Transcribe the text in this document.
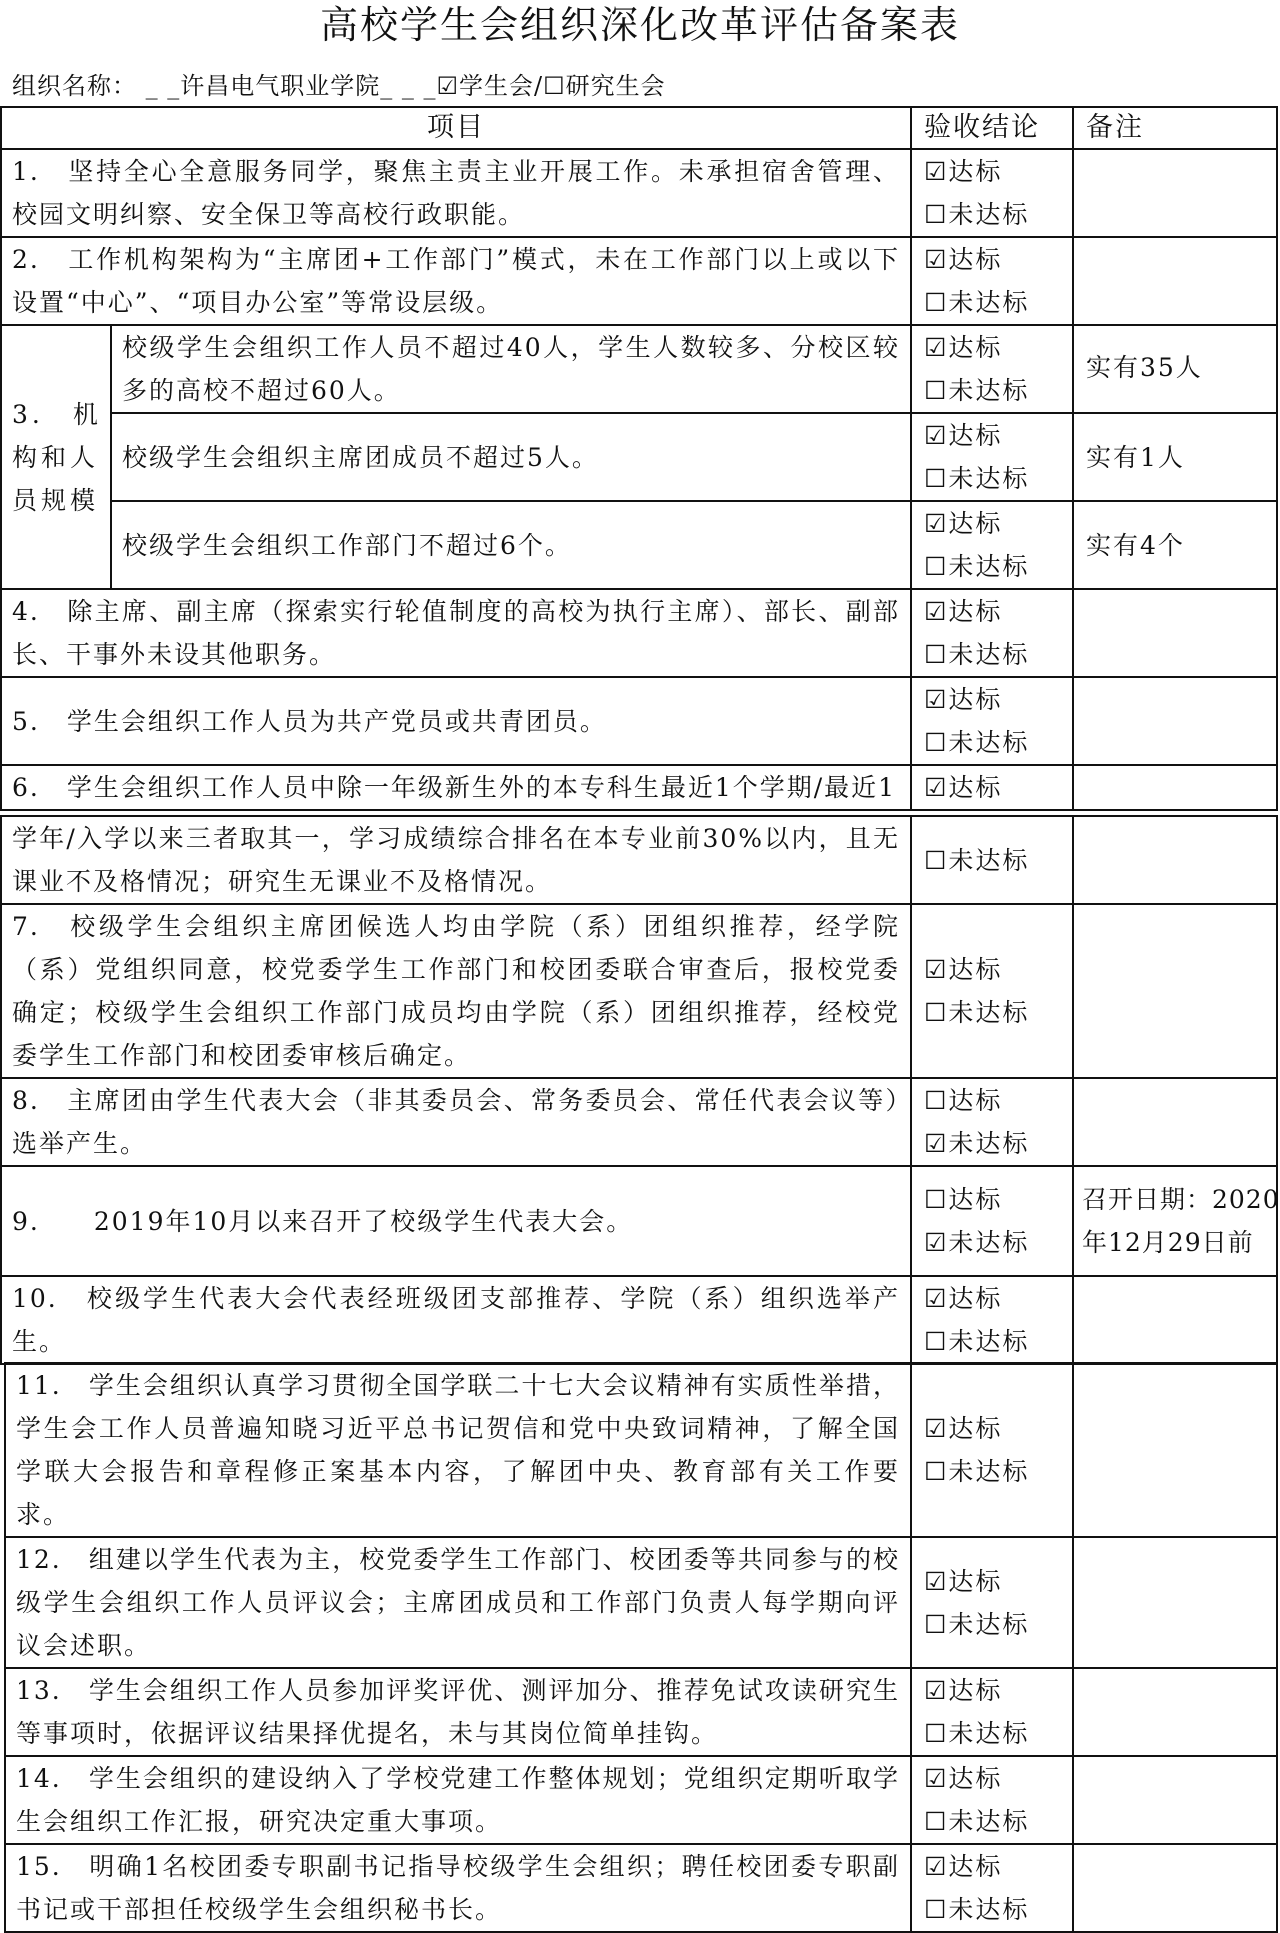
高校学生会组织深化改革评估备案表
组织名称： _ _许昌电气职业学院_ _ _☑学生会/☐研究生会
项目		验收结论	备注
1.　坚持全心全意服务同学，聚焦主责主业开展工作。未承担宿舍管理、校园文明纠察、安全保卫等高校行政职能。		☑达标
☐未达标	

2.　工作机构架构为“主席团+工作部门”模式，未在工作部门以上或以下设置“中心”、“项目办公室”等常设层级。		☑达标
☐未达标	

3.　机构和人员规模	校级学生会组织工作人员不超过40人，学生人数较多、分校区较多的高校不超过60人。	☑达标
☐未达标	实有35人
	校级学生会组织主席团成员不超过5人。	☑达标
☐未达标	实有1人
	校级学生会组织工作部门不超过6个。	☑达标
☐未达标	实有4个
4.　除主席、副主席（探索实行轮值制度的高校为执行主席）、部长、副部长、干事外未设其他职务。		☑达标
☐未达标	

5.　学生会组织工作人员为共产党员或共青团员。		☑达标
☐未达标	

6.　学生会组织工作人员中除一年级新生外的本专科生最近1个学期/最近1		☑达标	

学年/入学以来三者取其一，学习成绩综合排名在本专业前30%以内，且无课业不及格情况；研究生无课业不及格情况。	☐未达标	

7.　校级学生会组织主席团候选人均由学院（系）团组织推荐，经学院（系）党组织同意，校党委学生工作部门和校团委联合审查后，报校党委确定；校级学生会组织工作部门成员均由学院（系）团组织推荐，经校党委学生工作部门和校团委审核后确定。	☑达标
☐未达标	

8.　主席团由学生代表大会（非其委员会、常务委员会、常任代表会议等）选举产生。	☐达标
☑未达标	

9.　　2019年10月以来召开了校级学生代表大会。	☐达标
☑未达标	召开日期：2020
年12月29日前

10.　校级学生代表大会代表经班级团支部推荐、学院（系）组织选举产生。	☑达标
☐未达标	

11.　学生会组织认真学习贯彻全国学联二十七大会议精神有实质性举措，学生会工作人员普遍知晓习近平总书记贺信和党中央致词精神，了解全国学联大会报告和章程修正案基本内容，了解团中央、教育部有关工作要求。	☑达标
☐未达标	

12.　组建以学生代表为主，校党委学生工作部门、校团委等共同参与的校级学生会组织工作人员评议会；主席团成员和工作部门负责人每学期向评议会述职。	☑达标
☐未达标	

13.　学生会组织工作人员参加评奖评优、测评加分、推荐免试攻读研究生等事项时，依据评议结果择优提名，未与其岗位简单挂钩。	☑达标
☐未达标	

14.　学生会组织的建设纳入了学校党建工作整体规划；党组织定期听取学生会组织工作汇报，研究决定重大事项。	☑达标
☐未达标	

15.　明确1名校团委专职副书记指导校级学生会组织；聘任校团委专职副书记或干部担任校级学生会组织秘书长。	☑达标
☐未达标	
